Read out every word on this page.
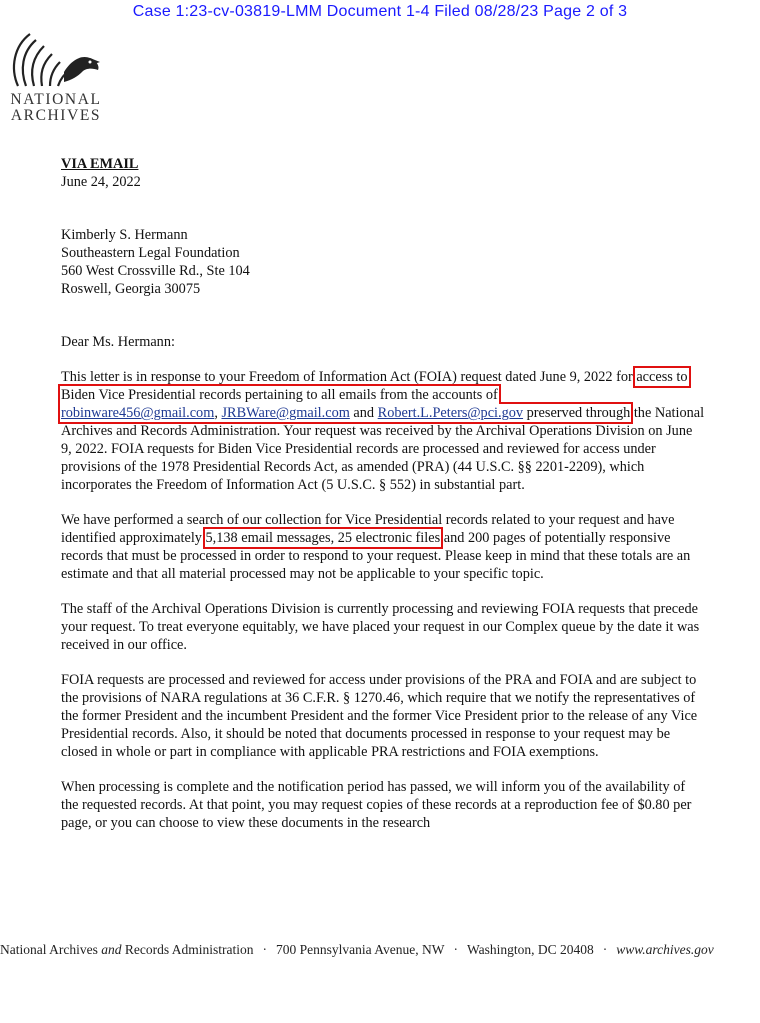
Case 1:23-cv-03819-LMM Document 1-4 Filed 08/28/23 Page 2 of 3
NATIONAL
ARCHIVES
VIA EMAIL
June 24, 2022
Kimberly S. Hermann
Southeastern Legal Foundation
560 West Crossville Rd., Ste 104
Roswell, Georgia 30075

Dear Ms. Hermann:

This letter is in response to your Freedom of Information Act (FOIA) request dated June 9, 2022 for access to Biden Vice Presidential records pertaining to all emails from the accounts of
robinware456@gmail.com, JRBWare@gmail.com and Robert.L.Peters@pci.gov preserved through the National Archives and Records Administration. Your request was received by the Archival Operations Division on June 9, 2022. FOIA requests for Biden Vice Presidential records are processed and reviewed for access under provisions of the 1978 Presidential Records Act, as amended (PRA) (44 U.S.C. §§ 2201-2209), which incorporates the Freedom of Information Act (5 U.S.C. § 552) in substantial part.

We have performed a search of our collection for Vice Presidential records related to your request and have identified approximately 5,138 email messages, 25 electronic files and 200 pages of potentially responsive records that must be processed in order to respond to your request. Please keep in mind that these totals are an estimate and that all material processed may not be applicable to your specific topic.

The staff of the Archival Operations Division is currently processing and reviewing FOIA requests that precede your request. To treat everyone equitably, we have placed your request in our Complex queue by the date it was received in our office.

FOIA requests are processed and reviewed for access under provisions of the PRA and FOIA and are subject to the provisions of NARA regulations at 36 C.F.R. § 1270.46, which require that we notify the representatives of the former President and the incumbent President and the former Vice President prior to the release of any Vice Presidential records. Also, it should be noted that documents processed in response to your request may be closed in whole or part in compliance with applicable PRA restrictions and FOIA exemptions.

When processing is complete and the notification period has passed, we will inform you of the availability of the requested records. At that point, you may request copies of these records at a reproduction fee of $0.80 per page, or you can choose to view these documents in the research

National Archives and Records Administration · 700 Pennsylvania Avenue, NW · Washington, DC 20408 · www.archives.gov
